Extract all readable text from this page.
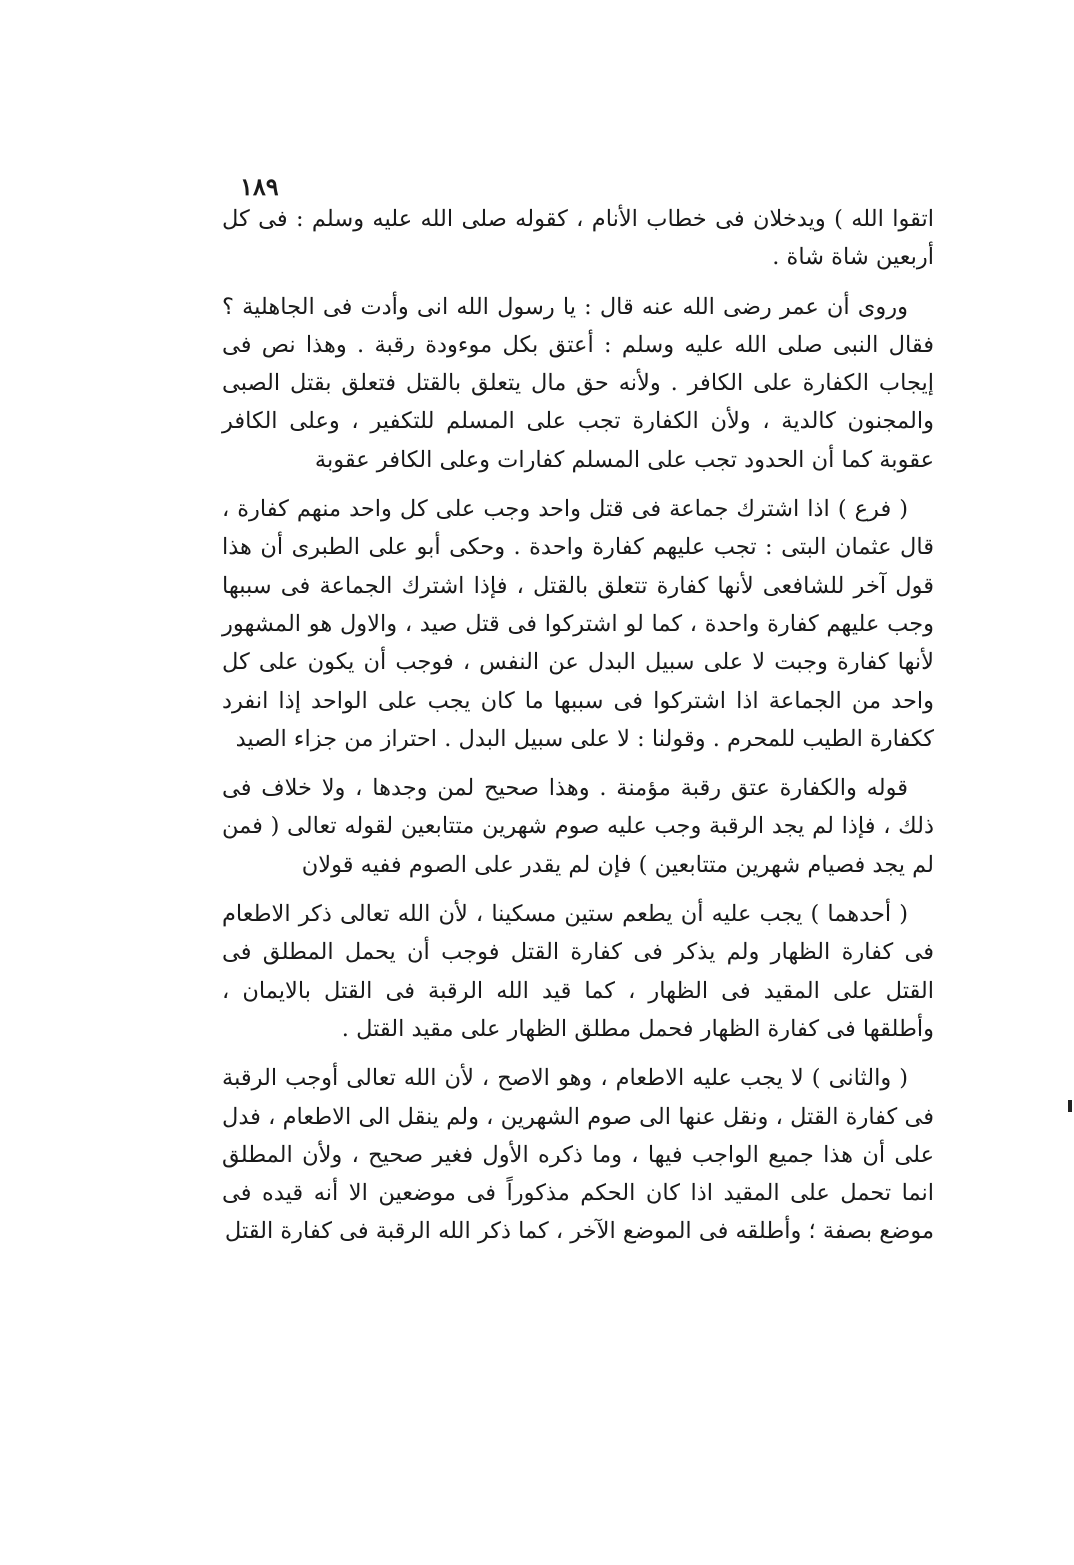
١٨٩

اتقوا الله ) ويدخلان فى خطاب الأنام ، كقوله صلى الله عليه وسلم : فى كل أربعين شاة شاة .

وروى أن عمر رضى الله عنه قال : يا رسول الله انى وأدت فى الجاهلية ؟ فقال النبى صلى الله عليه وسلم : أعتق بكل موءودة رقبة . وهذا نص فى إيجاب الكفارة على الكافر . ولأنه حق مال يتعلق بالقتل فتعلق بقتل الصبى والمجنون كالدية ، ولأن الكفارة تجب على المسلم للتكفير ، وعلى الكافر عقوبة كما أن الحدود تجب على المسلم كفارات وعلى الكافر عقوبة

( فرع ) اذا اشترك جماعة فى قتل واحد وجب على كل واحد منهم كفارة ، قال عثمان البتى : تجب عليهم كفارة واحدة . وحكى أبو على الطبرى أن هذا قول آخر للشافعى لأنها كفارة تتعلق بالقتل ، فإذا اشترك الجماعة فى سببها وجب عليهم كفارة واحدة ، كما لو اشتركوا فى قتل صيد ، والاول هو المشهور لأنها كفارة وجبت لا على سبيل البدل عن النفس ، فوجب أن يكون على كل واحد من الجماعة اذا اشتركوا فى سببها ما كان يجب على الواحد إذا انفرد ككفارة الطيب للمحرم . وقولنا : لا على سبيل البدل . احتراز من جزاء الصيد

قوله والكفارة عتق رقبة مؤمنة . وهذا صحيح لمن وجدها ، ولا خلاف فى ذلك ، فإذا لم يجد الرقبة وجب عليه صوم شهرين متتابعين لقوله تعالى ( فمن لم يجد فصيام شهرين متتابعين ) فإن لم يقدر على الصوم ففيه قولان

( أحدهما ) يجب عليه أن يطعم ستين مسكينا ، لأن الله تعالى ذكر الاطعام فى كفارة الظهار ولم يذكر فى كفارة القتل فوجب أن يحمل المطلق فى القتل على المقيد فى الظهار ، كما قيد الله الرقبة فى القتل بالايمان ، وأطلقها فى كفارة الظهار فحمل مطلق الظهار على مقيد القتل .

( والثانى ) لا يجب عليه الاطعام ، وهو الاصح ، لأن الله تعالى أوجب الرقبة فى كفارة القتل ، ونقل عنها الى صوم الشهرين ، ولم ينقل الى الاطعام ، فدل على أن هذا جميع الواجب فيها ، وما ذكره الأول فغير صحيح ، ولأن المطلق انما تحمل على المقيد اذا كان الحكم مذكوراً فى موضعين الا أنه قيده فى موضع بصفة ؛ وأطلقه فى الموضع الآخر ، كما ذكر الله الرقبة فى كفارة القتل
